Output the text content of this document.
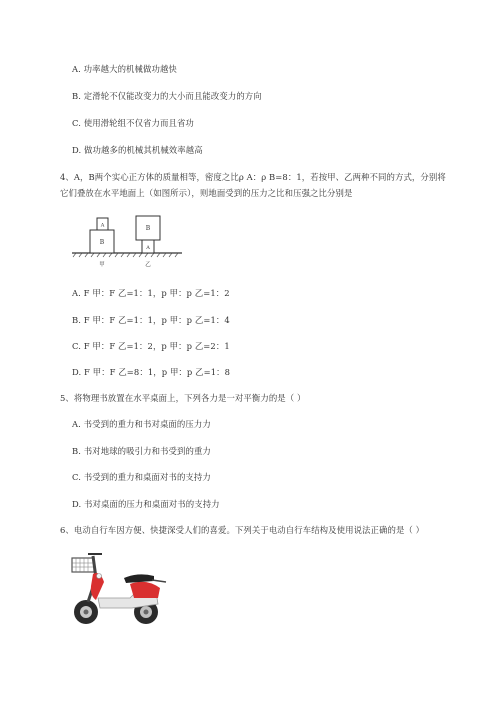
A. 功率越大的机械做功越快
B. 定滑轮不仅能改变力的大小而且能改变力的方向
C. 使用滑轮组不仅省力而且省功
D. 做功越多的机械其机械效率越高
4、A，B两个实心正方体的质量相等，密度之比ρ A：ρ B=8：1，若按甲、乙两种不同的方式，分别将
它们叠放在水平地面上（如图所示），则地面受到的压力之比和压强之比分别是
B
A	B
A
甲	乙
A. F 甲：F 乙=1：1，p 甲：p 乙=1：2
B. F 甲：F 乙=1：1，p 甲：p 乙=1：4
C. F 甲：F 乙=1：2，p 甲：p 乙=2：1
D. F 甲：F 乙=8：1，p 甲：p 乙=1：8
5、将物理书放置在水平桌面上，下列各力是一对平衡力的是（ ）
A. 书受到的重力和书对桌面的压力力
B. 书对地球的吸引力和书受到的重力
C. 书受到的重力和桌面对书的支持力
D. 书对桌面的压力和桌面对书的支持力
6、电动自行车因方便、快捷深受人们的喜爱。下列关于电动自行车结构及使用说法正确的是（ ）
